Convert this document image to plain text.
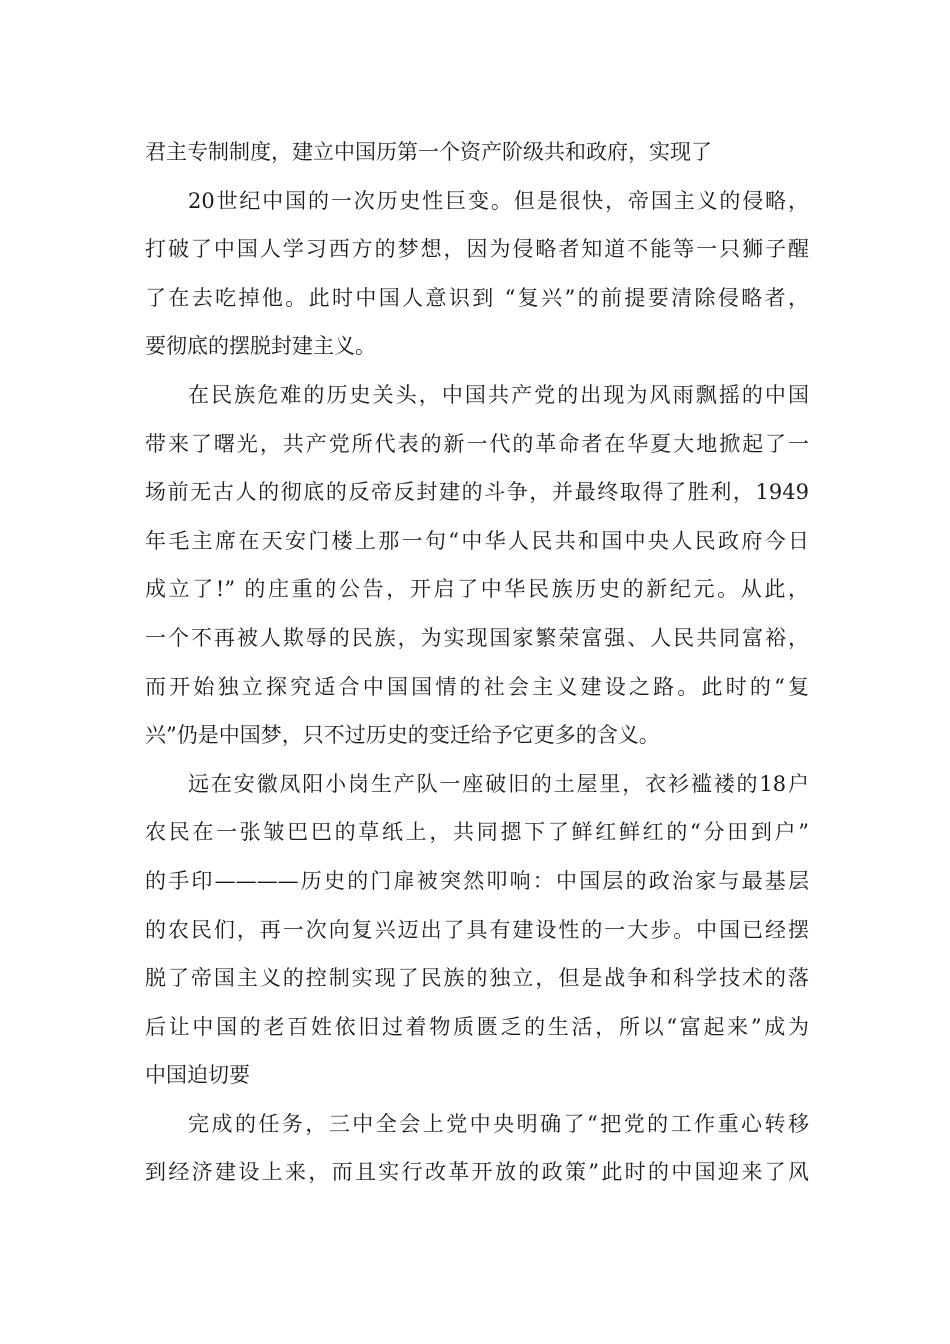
君主专制制度，建立中国历第一个资产阶级共和政府，实现了
20世纪中国的一次历史性巨变。但是很快，帝国主义的侵略，
打破了中国人学习西方的梦想，因为侵略者知道不能等一只狮子醒
了在去吃掉他。此时中国人意识到 “复兴”的前提要清除侵略者，
要彻底的摆脱封建主义。
在民族危难的历史关头，中国共产党的出现为风雨飘摇的中国
带来了曙光，共产党所代表的新一代的革命者在华夏大地掀起了一
场前无古人的彻底的反帝反封建的斗争，并最终取得了胜利，1949
年毛主席在天安门楼上那一句“中华人民共和国中央人民政府今日
成立了!” 的庄重的公告，开启了中华民族历史的新纪元。从此，
一个不再被人欺辱的民族，为实现国家繁荣富强、人民共同富裕，
而开始独立探究适合中国国情的社会主义建设之路。此时的“复
兴”仍是中国梦，只不过历史的变迁给予它更多的含义。
远在安徽凤阳小岗生产队一座破旧的土屋里，衣衫褴褛的18户
农民在一张皱巴巴的草纸上，共同摁下了鲜红鲜红的“分田到户”
的手印————历史的门扉被突然叩响：中国层的政治家与最基层
的农民们，再一次向复兴迈出了具有建设性的一大步。中国已经摆
脱了帝国主义的控制实现了民族的独立，但是战争和科学技术的落
后让中国的老百姓依旧过着物质匮乏的生活，所以“富起来”成为
中国迫切要
完成的任务，三中全会上党中央明确了“把党的工作重心转移
到经济建设上来，而且实行改革开放的政策”此时的中国迎来了风
